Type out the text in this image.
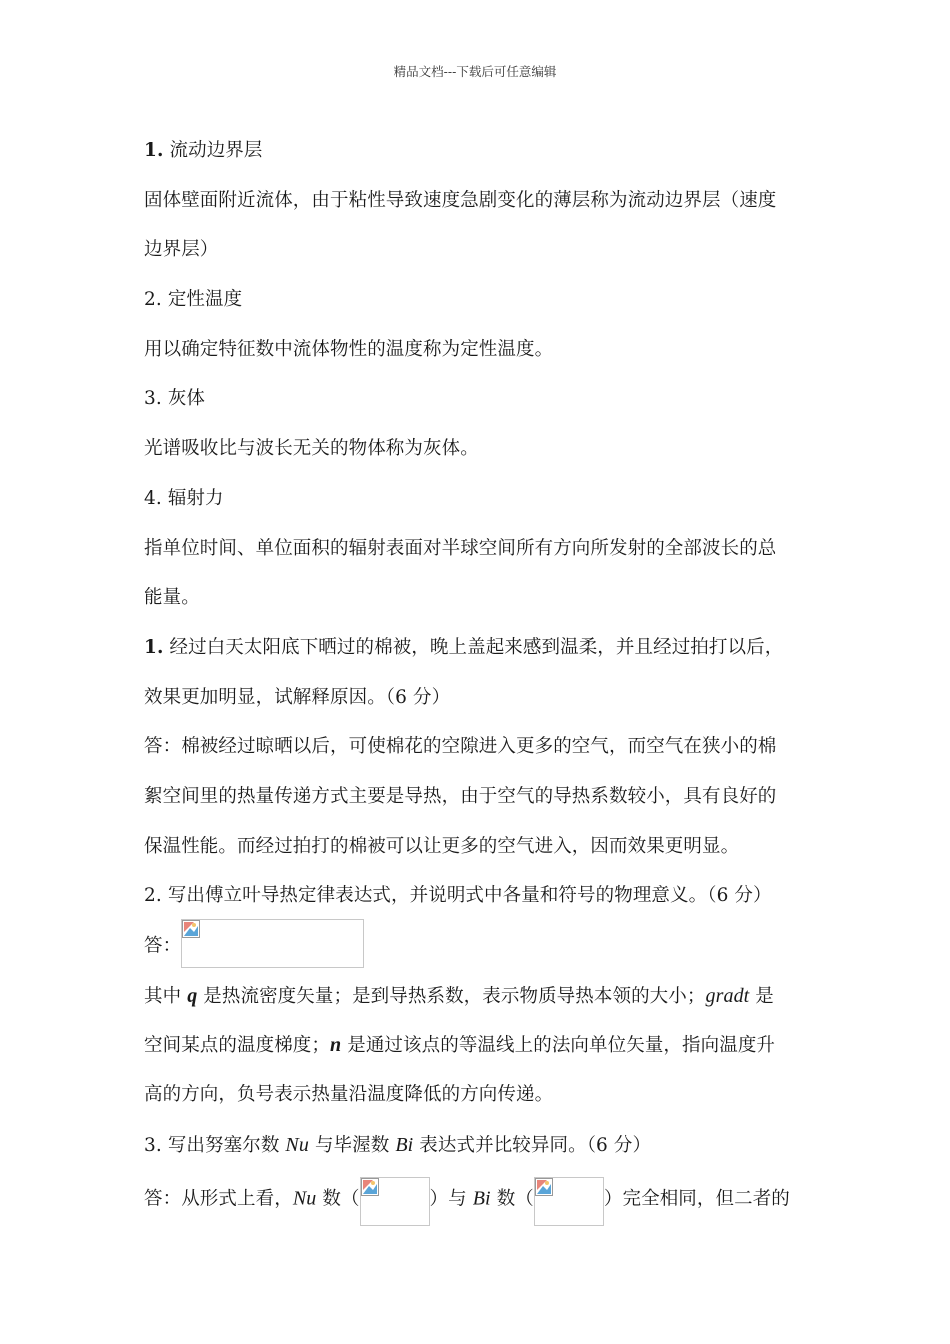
精品文档---下载后可任意编辑
1. 流动边界层
固体壁面附近流体，由于粘性导致速度急剧变化的薄层称为流动边界层（速度
边界层）
2. 定性温度
用以确定特征数中流体物性的温度称为定性温度。
3. 灰体
光谱吸收比与波长无关的物体称为灰体。
4. 辐射力
指单位时间、单位面积的辐射表面对半球空间所有方向所发射的全部波长的总
能量。
1. 经过白天太阳底下晒过的棉被，晚上盖起来感到温柔，并且经过拍打以后，
效果更加明显，试解释原因。（6 分）
答：棉被经过晾晒以后，可使棉花的空隙进入更多的空气，而空气在狭小的棉
絮空间里的热量传递方式主要是导热，由于空气的导热系数较小，具有良好的
保温性能。而经过拍打的棉被可以让更多的空气进入，因而效果更明显。
2. 写出傅立叶导热定律表达式，并说明式中各量和符号的物理意义。（6 分）
答：
其中 q 是热流密度矢量；是到导热系数，表示物质导热本领的大小；gradt 是
空间某点的温度梯度；n 是通过该点的等温线上的法向单位矢量，指向温度升
高的方向，负号表示热量沿温度降低的方向传递。
3. 写出努塞尔数 Nu 与毕渥数 Bi 表达式并比较异同。（6 分）
答：从形式上看，Nu 数（	）与 Bi 数（	）完全相同，但二者的
